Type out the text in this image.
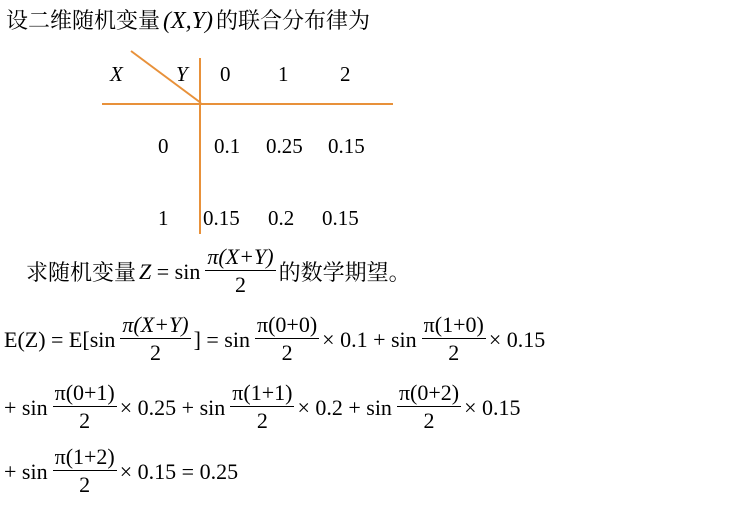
设二维随机变量 (X,Y) 的联合分布律为
X	Y 0 1 2
0 0.1 0.25 0.15
1 0.15 0.2 0.15
求随机变量 $Z = \sin \frac{\pi(X+Y)}{2}$ 的数学期望。
$E(Z) = E[\sin \frac{\pi(X+Y)}{2}$ ] = $\sin \frac{\pi(0+0)}{2} \times 0.1 + \sin \frac{\pi(1+0)}{2} \times 0.15$
+ $\sin \frac{\pi(0+1)}{2} \times 0.25 + \sin \frac{\pi(1+1)}{2} \times 0.2 + \sin \frac{\pi(0+2)}{2} \times 0.15$
+ $\sin \frac{\pi(1+2)}{2} \times 0.15 = 0.25$
